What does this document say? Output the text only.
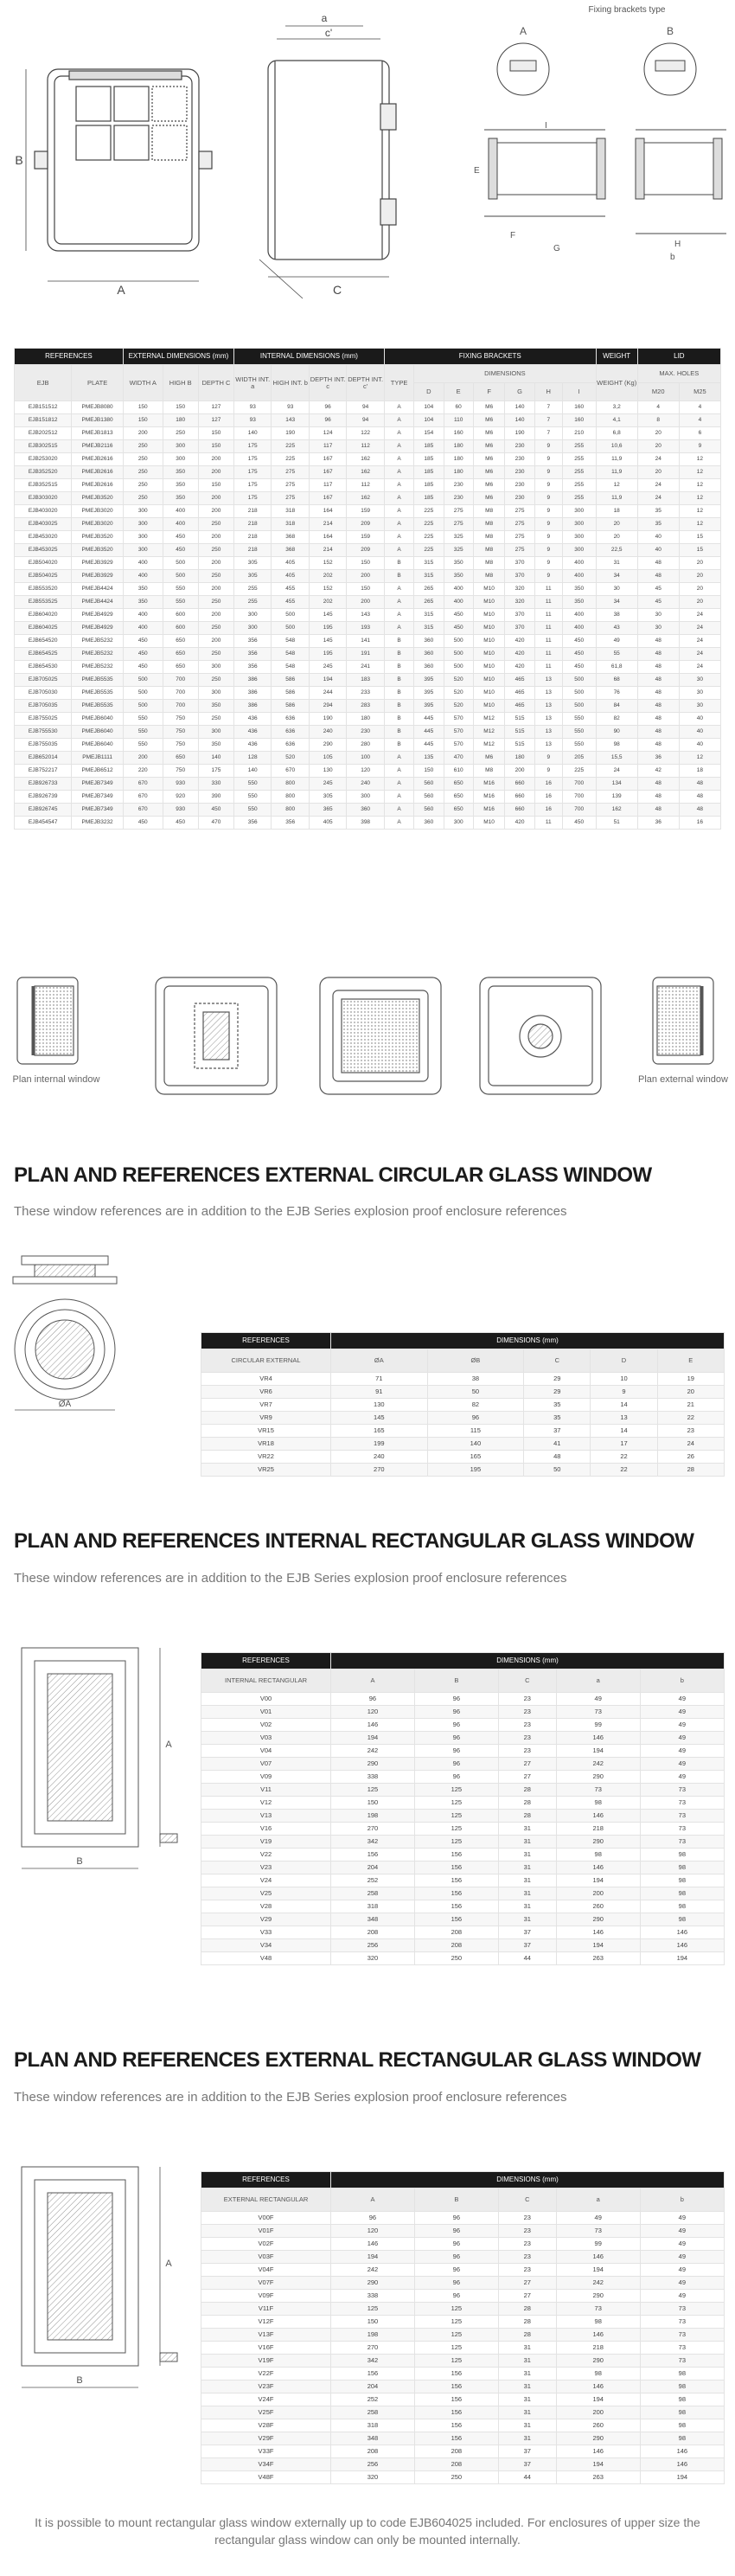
A
B
a
c'
C
Fixing brackets type
A	B
I
E
F
G	H
b
REFERENCES		EXTERNAL DIMENSIONS (mm)			INTERNAL DIMENSIONS (mm)				FIXING BRACKETS							WEIGHT	LID	
EJB	PLATE	WIDTH A	HIGH B	DEPTH C	WIDTH INT. a	HIGH INT. b	DEPTH INT. c	DEPTH INT. c'	TYPE	DIMENSIONS						WEIGHT (Kg)	MAX. HOLES	
										D	E	F	G	H	I		M20	M25
EJB151512	PMEJB8080	150	150	127	93	93	96	94	A	104	60	M6	140	7	160	3,2	4	4
EJB151812	PMEJB1380	150	180	127	93	143	96	94	A	104	110	M6	140	7	160	4,1	8	4
EJB202512	PMEJB1813	200	250	150	140	190	124	122	A	154	160	M6	190	7	210	6,8	20	6
EJB302515	PMEJB2116	250	300	150	175	225	117	112	A	185	180	M6	230	9	255	10,6	20	9
EJB253020	PMEJB2616	250	300	200	175	225	167	162	A	185	180	M6	230	9	255	11,9	24	12
EJB352520	PMEJB2616	250	350	200	175	275	167	162	A	185	180	M6	230	9	255	11,9	20	12
EJB352515	PMEJB2616	250	350	150	175	275	117	112	A	185	230	M6	230	9	255	12	24	12
EJB303020	PMEJB3520	250	350	200	175	275	167	162	A	185	230	M6	230	9	255	11,9	24	12
EJB403020	PMEJB3020	300	400	200	218	318	164	159	A	225	275	M8	275	9	300	18	35	12
EJB403025	PMEJB3020	300	400	250	218	318	214	209	A	225	275	M8	275	9	300	20	35	12
EJB453020	PMEJB3520	300	450	200	218	368	164	159	A	225	325	M8	275	9	300	20	40	15
EJB453025	PMEJB3520	300	450	250	218	368	214	209	A	225	325	M8	275	9	300	22,5	40	15
EJB504020	PMEJB3929	400	500	200	305	405	152	150	B	315	350	M8	370	9	400	31	48	20
EJB504025	PMEJB3929	400	500	250	305	405	202	200	B	315	350	M8	370	9	400	34	48	20
EJB553520	PMEJB4424	350	550	200	255	455	152	150	A	265	400	M10	320	11	350	30	45	20
EJB553525	PMEJB4424	350	550	250	255	455	202	200	A	265	400	M10	320	11	350	34	45	20
EJB604020	PMEJB4929	400	600	200	300	500	145	143	A	315	450	M10	370	11	400	38	30	24
EJB604025	PMEJB4929	400	600	250	300	500	195	193	A	315	450	M10	370	11	400	43	30	24
EJB654520	PMEJB5232	450	650	200	356	548	145	141	B	360	500	M10	420	11	450	49	48	24
EJB654525	PMEJB5232	450	650	250	356	548	195	191	B	360	500	M10	420	11	450	55	48	24
EJB654530	PMEJB5232	450	650	300	356	548	245	241	B	360	500	M10	420	11	450	61,8	48	24
EJB705025	PMEJB5535	500	700	250	386	586	194	183	B	395	520	M10	465	13	500	68	48	30
EJB705030	PMEJB5535	500	700	300	386	586	244	233	B	395	520	M10	465	13	500	76	48	30
EJB705035	PMEJB5535	500	700	350	386	586	294	283	B	395	520	M10	465	13	500	84	48	30
EJB755025	PMEJB6040	550	750	250	436	636	190	180	B	445	570	M12	515	13	550	82	48	40
EJB755530	PMEJB6040	550	750	300	436	636	240	230	B	445	570	M12	515	13	550	90	48	40
EJB755035	PMEJB6040	550	750	350	436	636	290	280	B	445	570	M12	515	13	550	98	48	40
EJB652014	PMEJB1111	200	650	140	128	520	105	100	A	135	470	M6	180	9	205	15,5	36	12
EJB752217	PMEJB6512	220	750	175	140	670	130	120	A	150	610	M8	200	9	225	24	42	18
EJB926733	PMEJB7349	670	930	330	550	800	245	240	A	560	650	M16	660	16	700	134	48	48
EJB926739	PMEJB7349	670	920	390	550	800	305	300	A	560	650	M16	660	16	700	139	48	48
EJB926745	PMEJB7349	670	930	450	550	800	365	360	A	560	650	M16	660	16	700	162	48	48
EJB454547	PMEJB3232	450	450	470	356	356	405	398	A	360	300	M10	420	11	450	51	36	16
Plan internal window	Plan external window
PLAN AND REFERENCES EXTERNAL CIRCULAR GLASS WINDOW
These window references are in addition to the EJB Series explosion proof enclosure references
ØA
REFERENCES	DIMENSIONS (mm)				
CIRCULAR EXTERNAL	ØA	ØB	C	D	E
VR4	71	38	29	10	19
VR6	91	50	29	9	20
VR7	130	82	35	14	21
VR9	145	96	35	13	22
VR15	165	115	37	14	23
VR18	199	140	41	17	24
VR22	240	165	48	22	26
VR25	270	195	50	22	28
PLAN AND REFERENCES INTERNAL RECTANGULAR GLASS WINDOW
These window references are in addition to the EJB Series explosion proof enclosure references
B
A
REFERENCES	DIMENSIONS (mm)				
INTERNAL RECTANGULAR	A	B	C	a	b
V00	96	96	23	49	49
V01	120	96	23	73	49
V02	146	96	23	99	49
V03	194	96	23	146	49
V04	242	96	23	194	49
V07	290	96	27	242	49
V09	338	96	27	290	49
V11	125	125	28	73	73
V12	150	125	28	98	73
V13	198	125	28	146	73
V16	270	125	31	218	73
V19	342	125	31	290	73
V22	156	156	31	98	98
V23	204	156	31	146	98
V24	252	156	31	194	98
V25	258	156	31	200	98
V28	318	156	31	260	98
V29	348	156	31	290	98
V33	208	208	37	146	146
V34	256	208	37	194	146
V48	320	250	44	263	194
PLAN AND REFERENCES EXTERNAL RECTANGULAR GLASS WINDOW
These window references are in addition to the EJB Series explosion proof enclosure references
B
A
REFERENCES	DIMENSIONS (mm)				
EXTERNAL RECTANGULAR	A	B	C	a	b
V00F	96	96	23	49	49
V01F	120	96	23	73	49
V02F	146	96	23	99	49
V03F	194	96	23	146	49
V04F	242	96	23	194	49
V07F	290	96	27	242	49
V09F	338	96	27	290	49
V11F	125	125	28	73	73
V12F	150	125	28	98	73
V13F	198	125	28	146	73
V16F	270	125	31	218	73
V19F	342	125	31	290	73
V22F	156	156	31	98	98
V23F	204	156	31	146	98
V24F	252	156	31	194	98
V25F	258	156	31	200	98
V28F	318	156	31	260	98
V29F	348	156	31	290	98
V33F	208	208	37	146	146
V34F	256	208	37	194	146
V48F	320	250	44	263	194
It is possible to mount rectangular glass window externally up to code EJB604025 included. For enclosures of upper size the rectangular glass window can only be mounted internally.
